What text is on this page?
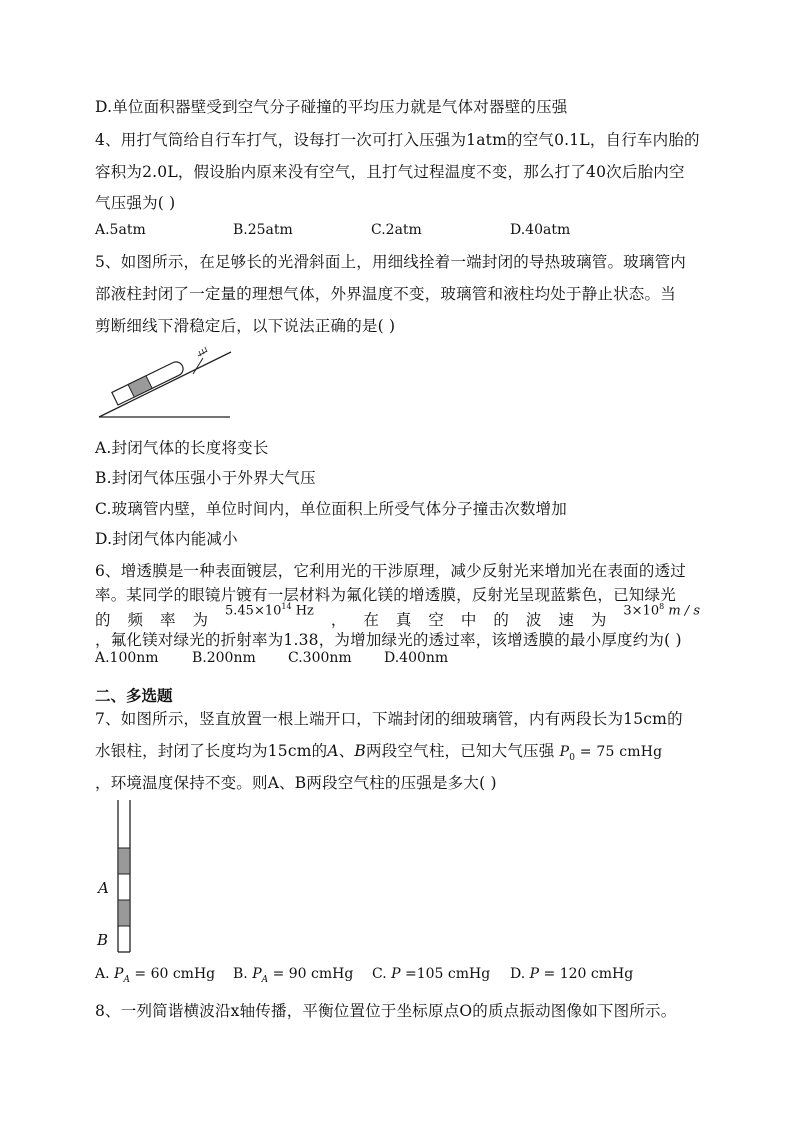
D.单位面积器壁受到空气分子碰撞的平均压力就是气体对器壁的压强
4、用打气筒给自行车打气，设每打一次可打入压强为1atm的空气0.1L，自行车内胎的
容积为2.0L，假设胎内原来没有空气，且打气过程温度不变，那么打了40次后胎内空
气压强为( )
A.5atm	B.25atm	C.2atm	D.40atm
5、如图所示，在足够长的光滑斜面上，用细线拴着一端封闭的导热玻璃管。玻璃管内
部液柱封闭了一定量的理想气体，外界温度不变，玻璃管和液柱均处于静止状态。当
剪断细线下滑稳定后，以下说法正确的是( )
A.封闭气体的长度将变长
B.封闭气体压强小于外界大气压
C.玻璃管内壁，单位时间内，单位面积上所受气体分子撞击次数增加
D.封闭气体内能减小
6、增透膜是一种表面镀层，它利用光的干涉原理，减少反射光来增加光在表面的透过
率。某同学的眼镜片镀有一层材料为氟化镁的增透膜，反射光呈现蓝紫色，已知绿光
的 频 率 为
$5.45\times 10^{14}$ Hz
， 在 真 空 中 的 波 速 为
$3\times 10^8$ m / s
，氟化镁对绿光的折射率为1.38，为增加绿光的透过率，该增透膜的最小厚度约为( )
A.100nm B.200nm C.300nm D.400nm
二、多选题
7、如图所示，竖直放置一根上端开口，下端封闭的细玻璃管，内有两段长为15cm的
水银柱，封闭了长度均为15cm的A、B两段空气柱，已知大气压强 $P_0 = 75$ cmHg
，环境温度保持不变。则A、B两段空气柱的压强是多大( )
A
B
A. $P_A = 60$ cmHg B. $P_A = 90$ cmHg C. P =105 cmHg D. P = 120 cmHg
8、一列简谐横波沿x轴传播，平衡位置位于坐标原点O的质点振动图像如下图所示。
